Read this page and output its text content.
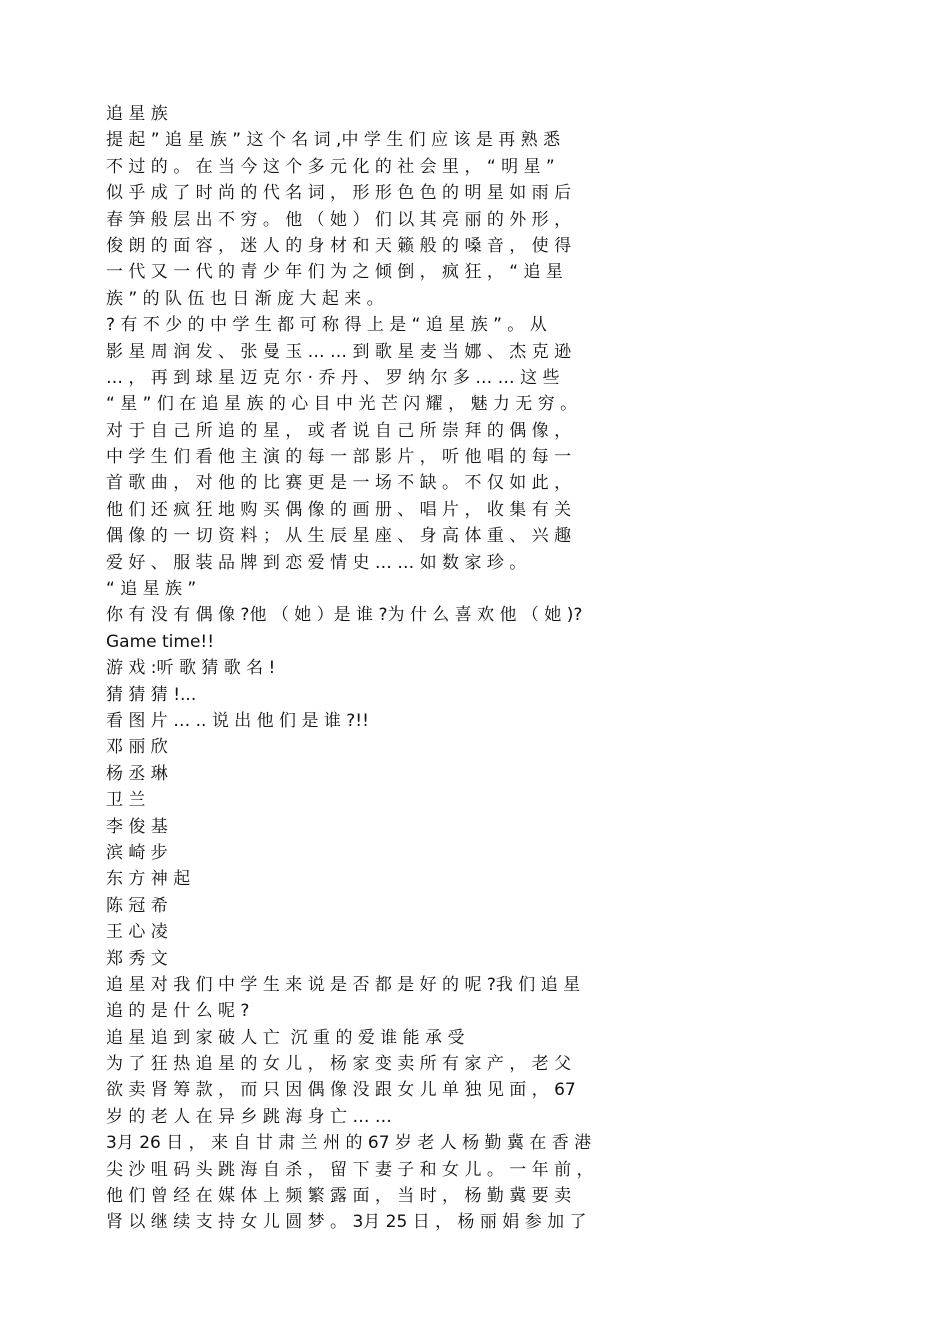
追 星 族
提 起 ” 追 星 族 ” 这 个 名 词 ,中 学 生 们 应 该 是 再 熟 悉
不 过 的 。 在 当 今 这 个 多 元 化 的 社 会 里 ， “ 明 星 ”
似 乎 成 了 时 尚 的 代 名 词 ， 形 形 色 色 的 明 星 如 雨 后
春 笋 般 层 出 不 穷 。 他 （ 她 ） 们 以 其 亮 丽 的 外 形 ，
俊 朗 的 面 容 ， 迷 人 的 身 材 和 天 籁 般 的 嗓 音 ， 使 得
一 代 又 一 代 的 青 少 年 们 为 之 倾 倒 ， 疯 狂 ， “ 追 星
族 ” 的 队 伍 也 日 渐 庞 大 起 来 。
? 有 不 少 的 中 学 生 都 可 称 得 上 是 “ 追 星 族 ” 。 从
影 星 周 润 发 、 张 曼 玉 … … 到 歌 星 麦 当 娜 、 杰 克 逊
… ， 再 到 球 星 迈 克 尔 · 乔 丹 、 罗 纳 尔 多 … … 这 些
“ 星 ” 们 在 追 星 族 的 心 目 中 光 芒 闪 耀 ， 魅 力 无 穷 。
对 于 自 己 所 追 的 星 ， 或 者 说 自 己 所 崇 拜 的 偶 像 ，
中 学 生 们 看 他 主 演 的 每 一 部 影 片 ， 听 他 唱 的 每 一
首 歌 曲 ， 对 他 的 比 赛 更 是 一 场 不 缺 。 不 仅 如 此 ，
他 们 还 疯 狂 地 购 买 偶 像 的 画 册 、 唱 片 ， 收 集 有 关
偶 像 的 一 切 资 料 ； 从 生 辰 星 座 、 身 高 体 重 、 兴 趣
爱 好 、 服 装 品 牌 到 恋 爱 情 史 … … 如 数 家 珍 。
“ 追 星 族 ”
你 有 没 有 偶 像 ?他 （ 她 ）是 谁 ?为 什 么 喜 欢 他 （ 她 )?
Game time!!
游 戏 :听 歌 猜 歌 名 !
猜 猜 猜 !...
看 图 片 … .. 说 出 他 们 是 谁 ?!!
邓 丽 欣
杨 丞 琳
卫 兰
李 俊 基
滨 崎 步
东 方 神 起
陈 冠 希
王 心 凌
郑 秀 文
追 星 对 我 们 中 学 生 来 说 是 否 都 是 好 的 呢 ?我 们 追 星
追 的 是 什 么 呢 ?
追 星 追 到 家 破 人 亡  沉 重 的 爱 谁 能 承 受
为 了 狂 热 追 星 的 女 儿 ， 杨 家 变 卖 所 有 家 产 ， 老 父
欲 卖 肾 筹 款 ， 而 只 因 偶 像 没 跟 女 儿 单 独 见 面 ， 67
岁 的 老 人 在 异 乡 跳 海 身 亡 … …
3月 26 日 ， 来 自 甘 肃 兰 州 的 67 岁 老 人 杨 勤 冀 在 香 港
尖 沙 咀 码 头 跳 海 自 杀 ， 留 下 妻 子 和 女 儿 。 一 年 前 ，
他 们 曾 经 在 媒 体 上 频 繁 露 面 ， 当 时 ， 杨 勤 冀 要 卖
肾 以 继 续 支 持 女 儿 圆 梦 。 3月 25 日 ， 杨 丽 娟 参 加 了
